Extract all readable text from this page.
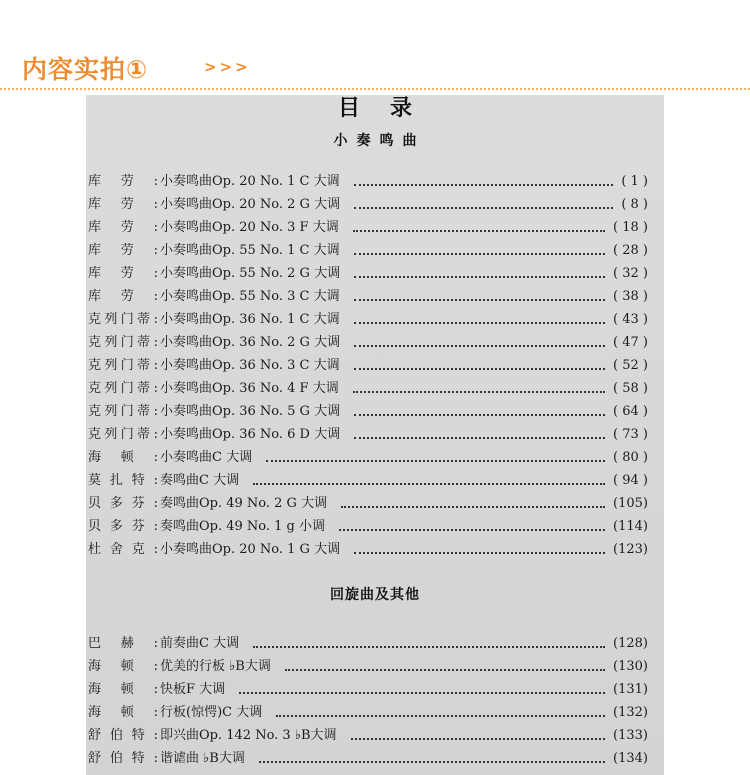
内容实拍①	>>>
目录
小奏鸣曲
库 劳 : 小奏鸣曲Op. 20 No. 1 C 大调	( 1 )
库 劳 : 小奏鸣曲Op. 20 No. 2 G 大调	( 8 )
库 劳 : 小奏鸣曲Op. 20 No. 3 F 大调	( 18 )
库 劳 : 小奏鸣曲Op. 55 No. 1 C 大调	( 28 )
库 劳 : 小奏鸣曲Op. 55 No. 2 G 大调	( 32 )
库 劳 : 小奏鸣曲Op. 55 No. 3 C 大调	( 38 )
克 列 门 蒂 : 小奏鸣曲Op. 36 No. 1 C 大调	( 43 )
克 列 门 蒂 : 小奏鸣曲Op. 36 No. 2 G 大调	( 47 )
克 列 门 蒂 : 小奏鸣曲Op. 36 No. 3 C 大调	( 52 )
克 列 门 蒂 : 小奏鸣曲Op. 36 No. 4 F 大调	( 58 )
克 列 门 蒂 : 小奏鸣曲Op. 36 No. 5 G 大调	( 64 )
克 列 门 蒂 : 小奏鸣曲Op. 36 No. 6 D 大调	( 73 )
海 顿 : 小奏鸣曲C 大调	( 80 )
莫 扎 特 : 奏鸣曲C 大调	( 94 )
贝 多 芬 : 奏鸣曲Op. 49 No. 2 G 大调	(105)
贝 多 芬 : 奏鸣曲Op. 49 No. 1 g 小调	(114)
杜 舍 克 : 小奏鸣曲Op. 20 No. 1 G 大调	(123)
回旋曲及其他
巴 赫 : 前奏曲C 大调	(128)
海 顿 : 优美的行板 ♭B大调	(130)
海 顿 : 快板F 大调	(131)
海 顿 : 行板(惊愕)C 大调	(132)
舒 伯 特 : 即兴曲Op. 142 No. 3 ♭B大调	(133)
舒 伯 特 : 谐谑曲 ♭B大调	(134)
